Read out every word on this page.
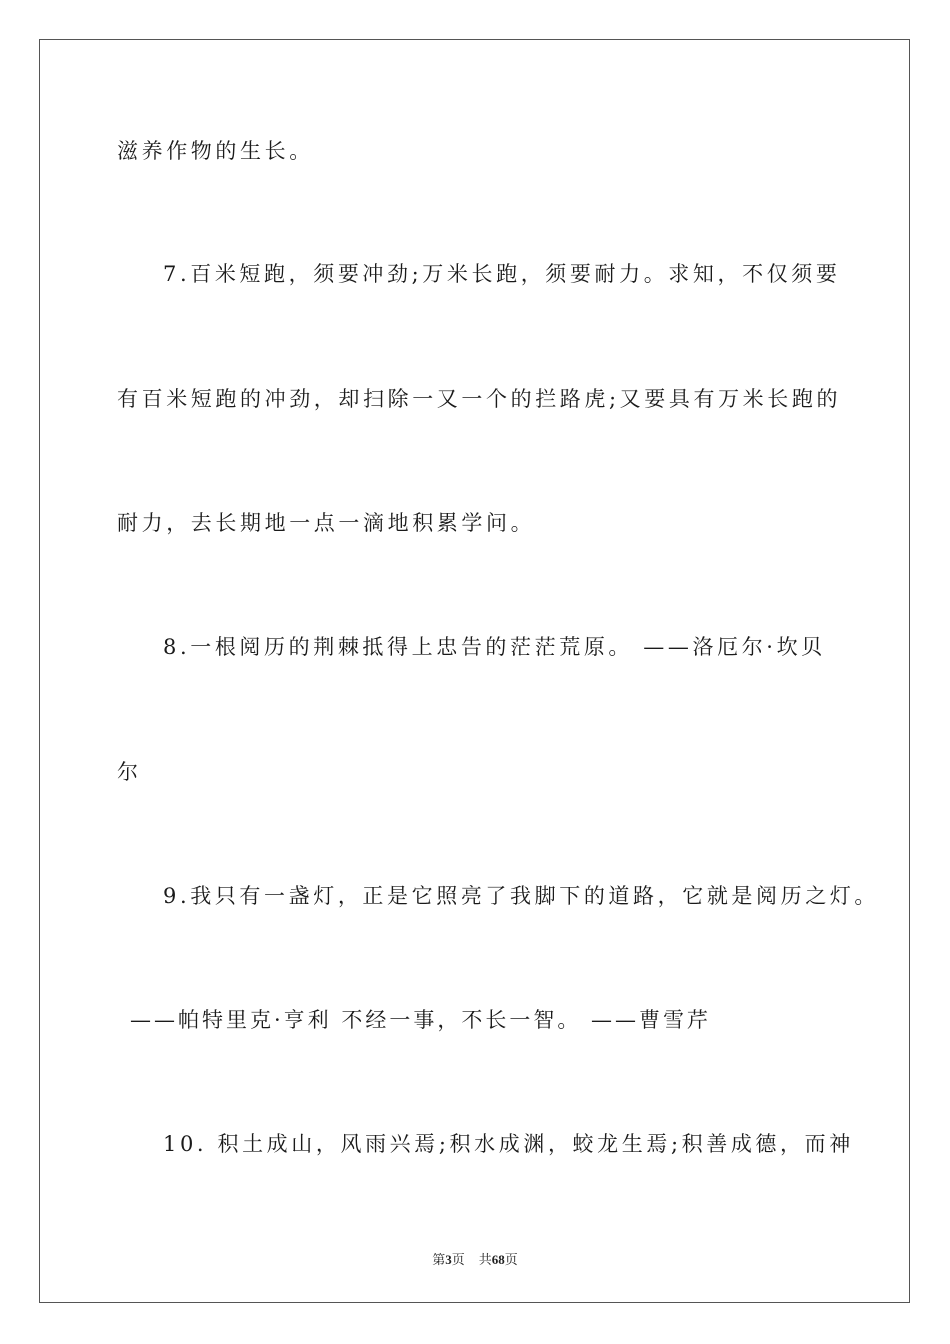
滋养作物的生长。
7.百米短跑，须要冲劲;万米长跑，须要耐力。求知，不仅须要
有百米短跑的冲劲，却扫除一又一个的拦路虎;又要具有万米长跑的
耐力，去长期地一点一滴地积累学问。
8.一根阅历的荆棘抵得上忠告的茫茫荒原。 ——洛厄尔·坎贝
尔
9.我只有一盏灯，正是它照亮了我脚下的道路，它就是阅历之灯。
——帕特里克·亨利 不经一事，不长一智。 ——曹雪芹
10. 积土成山，风雨兴焉;积水成渊，蛟龙生焉;积善成德，而神
第3页 共68页
